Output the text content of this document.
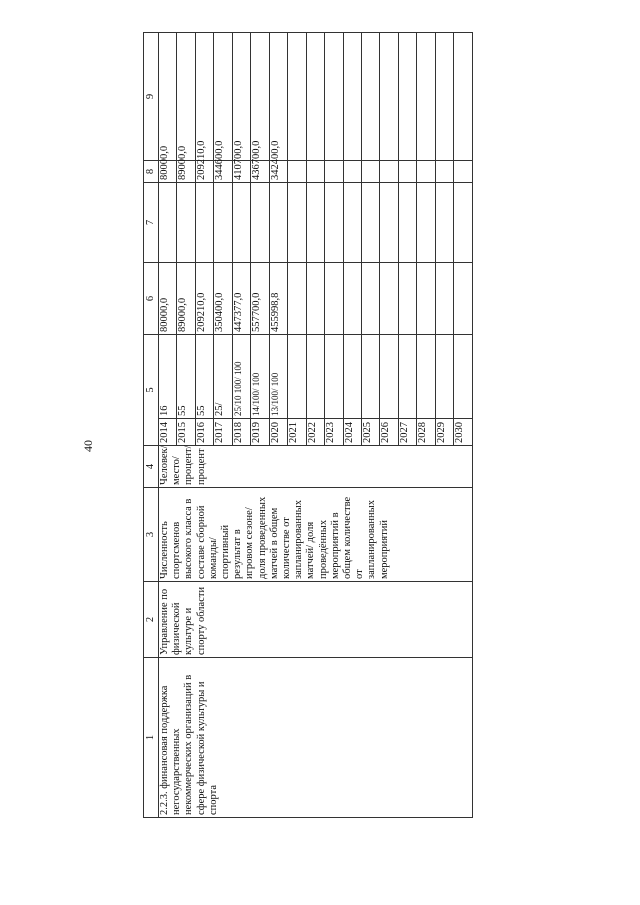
40
1	2	3	4	5		6	7	8	9	
2.2.3. финансовая поддержка негосударственных некоммерческих организаций в сфере физической культуры и спорта	Управление по физической культуре и спорту области	Численность спортсменов высокого класса в составе сборной команды/ спортивный результат в игровом сезоне/ доля проведенных матчей в общем количестве от запланированных матчей/ доля проведённых мероприятий в общем количестве от запланированных мероприятий	Человек/ место/ процент/ процент	2014	16	80000,0		80000,0		
				2015	55	89000,0		89000,0		
				2016	55	209210,0		209210,0		
				2017	25/	350400,0		344600,0		
				2018	25/10 100/ 100	447377,0		410700,0		
				2019	14/100/ 100	557700,0		436700,0		
				2020	13/100/ 100	455998,8		342400,0		
				2021						
				2022						
				2023						
				2024						
				2025						
				2026						
				2027						
				2028						
				2029						
				2030						
